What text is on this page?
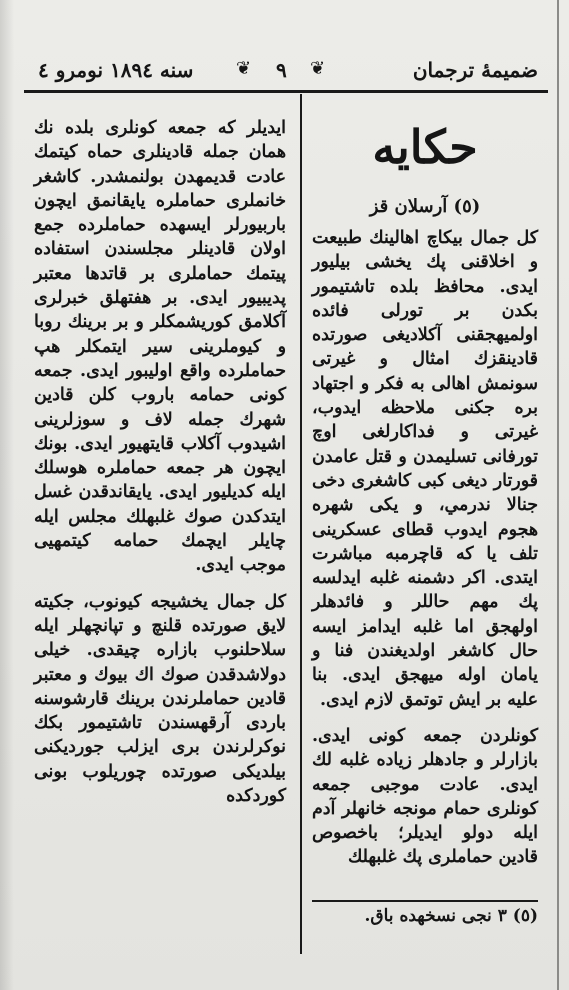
ضميمهٔ ترجمان
❦
٩
❦
سنه ١٨٩٤ نومرو ٤
حکايه
(٥) آرسلان قز

کل جمال بيکاچ اهالينك طبيعت و اخلاقنى پك يخشى بيليور ايدى. محافظ بلده تاشتيمور بکدن بر تورلى فائده اولميهجقنى آکلاديغى صورتده قادينقزك امثال و غيرتى سونمش اهالى به فکر و اجتهاد بره جکنى ملاحظه ايدوب، غيرتى و فداکارلغى اوچ تورفانى تسليمدن و قتل عامدن قورتار ديغى کبى کاشغرى دخى جنالا ندرمي، و يکى شهره هجوم ايدوب قطاى عسکرينى تلف يا که قاچرمبه مباشرت ايتدى. اکر دشمنه غلبه ايدلسه پك مهم حاللر و فائدهلر اولهجق اما غلبه ايدامز ايسه حال کاشغر اولديغندن فنا و يامان اوله ميهجق ايدى. بنا عليه بر ايش توتمق لازم ايدى.

کونلردن جمعه کونى ايدى. بازارلر و جادهلر زياده غلبه لك ايدى. عادت موجبى جمعه کونلرى حمام مونجه خانهلر آدم ايله دولو ايديلر؛ باخصوص قادين حماملرى پك غلبهلك

ايديلر که جمعه کونلرى بلده نك همان جمله قادينلرى حماه کيتمك عادت قديمهدن بولنمشدر. کاشغر خانملرى حماملره يايقانمق ايچون باربيورلر ايسهده حماملرده جمع اولان قادينلر مجلسندن استفاده پيتمك حماملرى بر قاتدها معتبر پديبيور ايدى. بر هفتهلق خبرلرى آکلامق کوريشمکلر و بر برينك روبا و کيوملرينى سير ايتمکلر هپ حماملرده واقع اوليبور ايدى. جمعه کونى حمامه باروب کلن قادين شهرك جمله لاف و سوزلرينى اشيدوب آکلاب قايتهيور ايدى. بونك ايچون هر جمعه حماملره هوسلك ايله کديليور ايدى. يايقاندقدن غسل ايتدکدن صوك غلبهلك مجلس ايله چايلر ايچمك حمامه کيتمهيى موجب ايدى.

کل جمال يخشيجه کيونوب، جکيته لايق صورتده قلنچ و تپانچهلر ايله سلاحلنوب بازاره چيقدى. خيلى دولاشدقدن صوك اك بيوك و معتبر قادين حماملرندن برينك قارشوسنه باردى آرقهسندن تاشتيمور بکك نوکرلرندن برى ايزلب جورديکنى بيلديکى صورتده چوريلوب بونى کوردکده

(٥) ٣ نجى نسخهده باق.
